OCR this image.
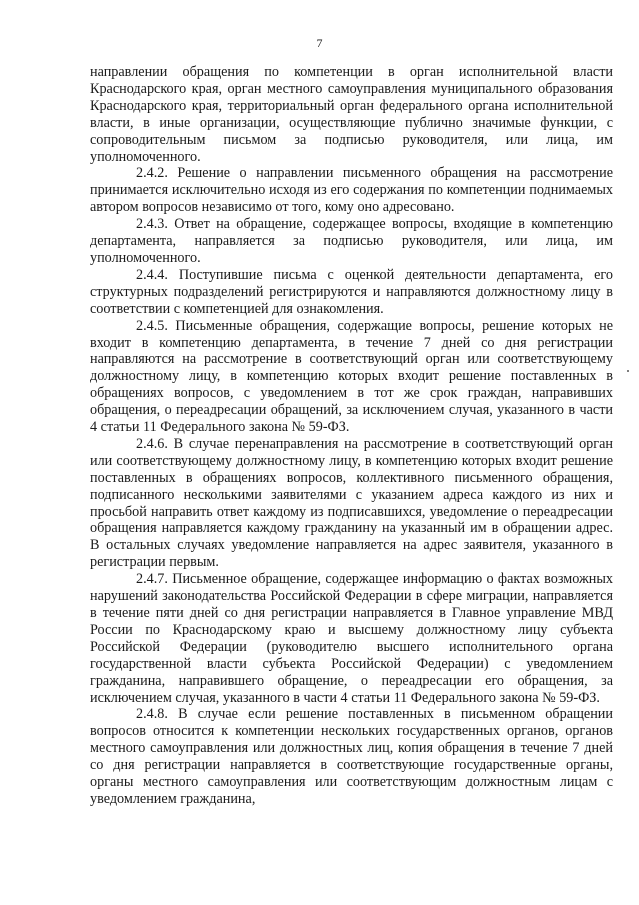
7

направлении обращения по компетенции в орган исполнительной власти Краснодарского края, орган местного самоуправления муниципального образования Краснодарского края, территориальный орган федерального органа исполнительной власти, в иные организации, осуществляющие публично значимые функции, с сопроводительным письмом за подписью руководителя, или лица, им уполномоченного.

2.4.2. Решение о направлении письменного обращения на рассмотрение принимается исключительно исходя из его содержания по компетенции поднимаемых автором вопросов независимо от того, кому оно адресовано.

2.4.3. Ответ на обращение, содержащее вопросы, входящие в компетенцию департамента, направляется за подписью руководителя, или лица, им уполномоченного.

2.4.4. Поступившие письма с оценкой деятельности департамента, его структурных подразделений регистрируются и направляются должностному лицу в соответствии с компетенцией для ознакомления.

2.4.5. Письменные обращения, содержащие вопросы, решение которых не входит в компетенцию департамента, в течение 7 дней со дня регистрации направляются на рассмотрение в соответствующий орган или соответствующему должностному лицу, в компетенцию которых входит решение поставленных в обращениях вопросов, с уведомлением в тот же срок граждан, направивших обращения, о переадресации обращений, за исключением случая, указанного в части 4 статьи 11 Федерального закона № 59-ФЗ.

2.4.6. В случае перенаправления на рассмотрение в соответствующий орган или соответствующему должностному лицу, в компетенцию которых входит решение поставленных в обращениях вопросов, коллективного письменного обращения, подписанного несколькими заявителями с указанием адреса каждого из них и просьбой направить ответ каждому из подписавшихся, уведомление о переадресации обращения направляется каждому гражданину на указанный им в обращении адрес. В остальных случаях уведомление направляется на адрес заявителя, указанного в регистрации первым.

2.4.7. Письменное обращение, содержащее информацию о фактах возможных нарушений законодательства Российской Федерации в сфере миграции, направляется в течение пяти дней со дня регистрации направляется в Главное управление МВД России по Краснодарскому краю и высшему должностному лицу субъекта Российской Федерации (руководителю высшего исполнительного органа государственной власти субъекта Российской Федерации) с уведомлением гражданина, направившего обращение, о переадресации его обращения, за исключением случая, указанного в части 4 статьи 11 Федерального закона № 59-ФЗ.

2.4.8. В случае если решение поставленных в письменном обращении вопросов относится к компетенции нескольких государственных органов, органов местного самоуправления или должностных лиц, копия обращения в течение 7 дней со дня регистрации направляется в соответствующие государственные органы, органы местного самоуправления или соответствующим должностным лицам с уведомлением гражданина,
